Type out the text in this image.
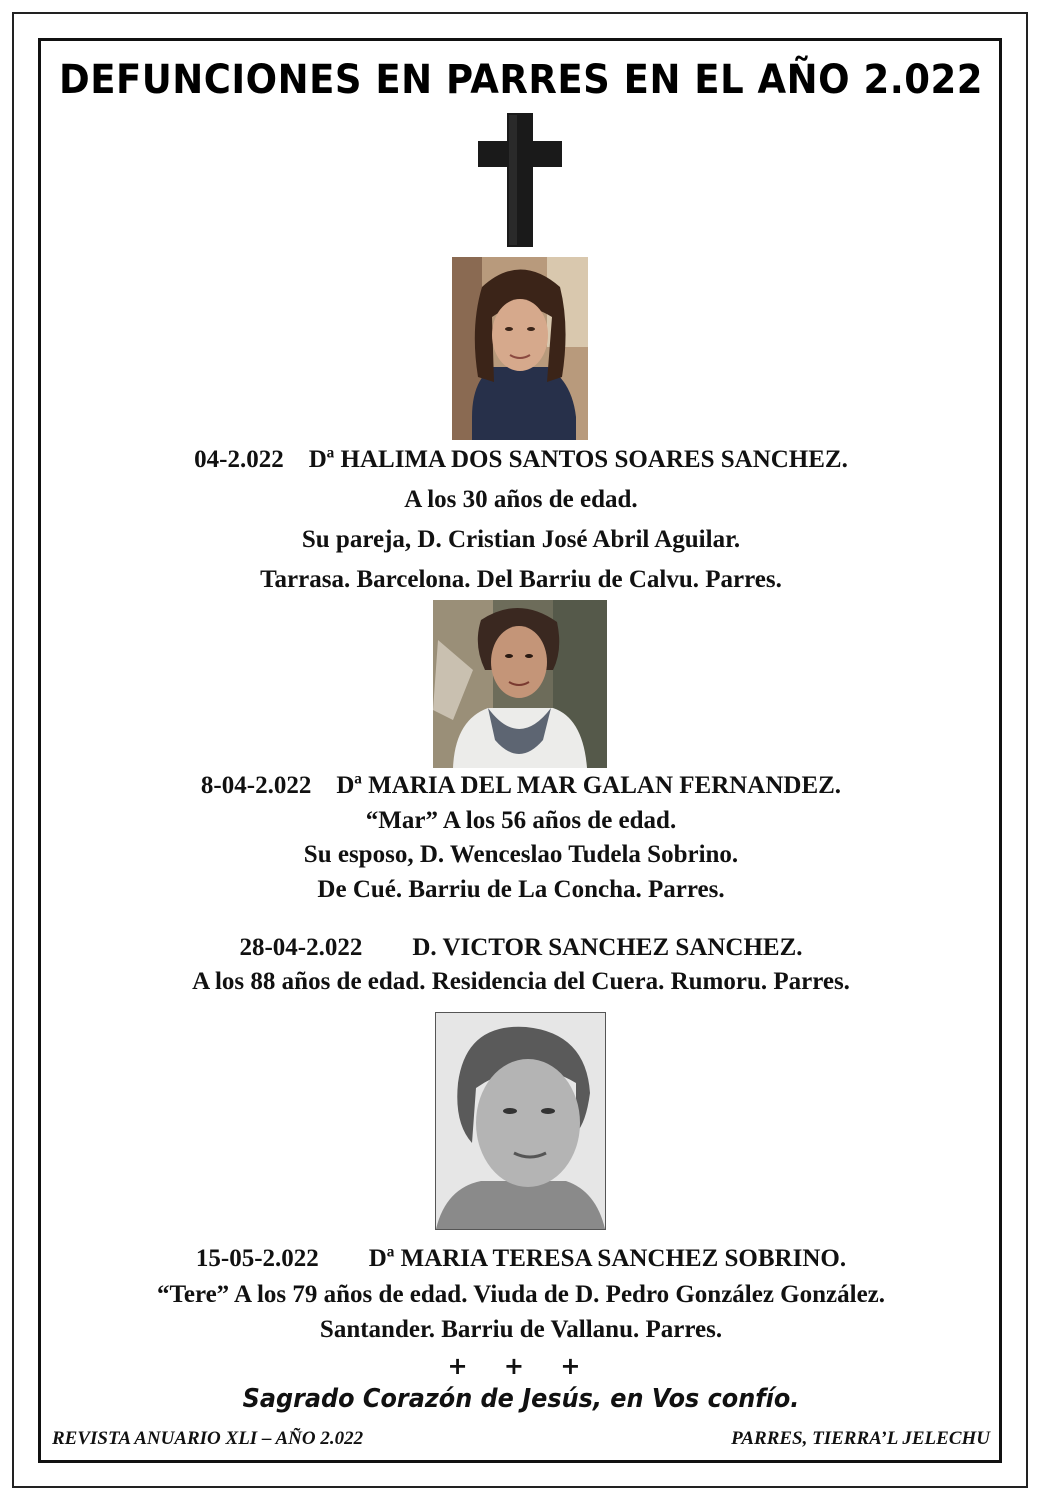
DEFUNCIONES EN PARRES EN EL AÑO 2.022
04-2.022    Dª HALIMA DOS SANTOS SOARES SANCHEZ.
A los 30 años de edad.
Su pareja, D. Cristian José Abril Aguilar.
Tarrasa. Barcelona. Del Barriu de Calvu. Parres.
8-04-2.022    Dª MARIA DEL MAR GALAN FERNANDEZ.
“Mar” A los 56 años de edad.
Su esposo, D. Wenceslao Tudela Sobrino.
De Cué. Barriu de La Concha. Parres.
28-04-2.022        D. VICTOR SANCHEZ SANCHEZ.
A los 88 años de edad. Residencia del Cuera. Rumoru. Parres.
15-05-2.022        Dª MARIA TERESA SANCHEZ SOBRINO.
“Tere” A los 79 años de edad. Viuda de D. Pedro González González.
Santander. Barriu de Vallanu. Parres.
+ + +
Sagrado Corazón de Jesús, en Vos confío.
REVISTA ANUARIO XLI – AÑO 2.022	PARRES, TIERRA’L JELECHU
